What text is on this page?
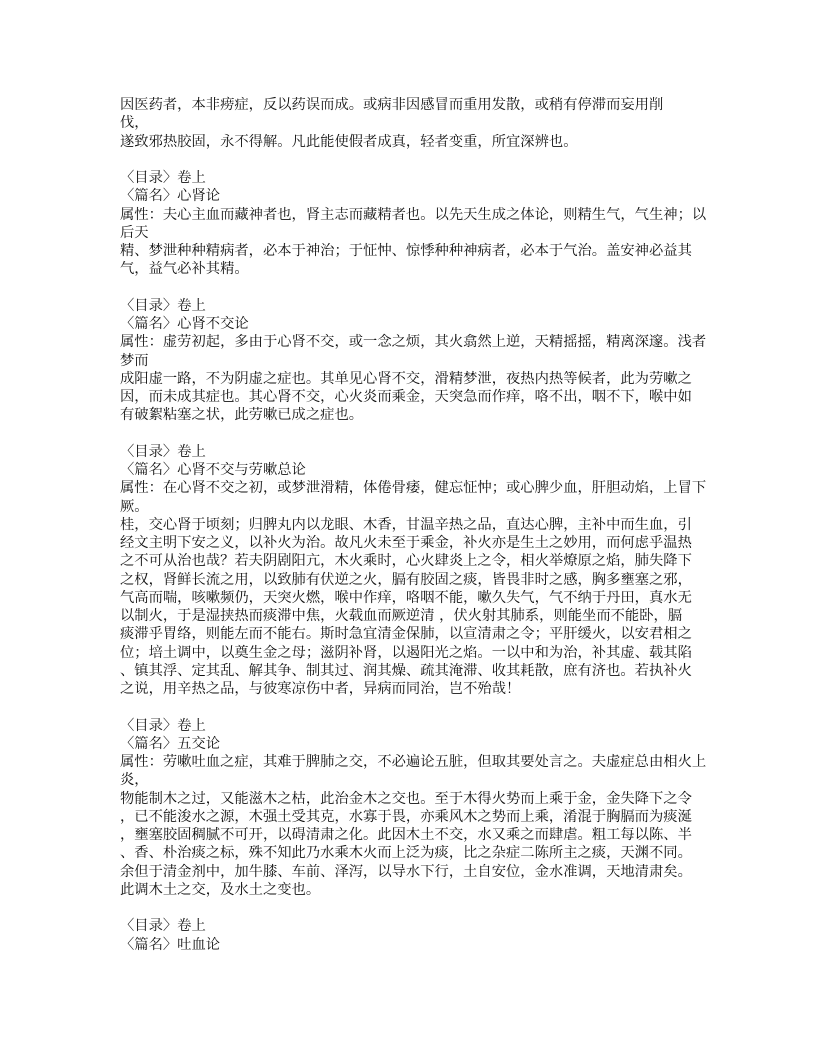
因医药者，本非痨症，反以药误而成。或病非因感冒而重用发散，或稍有停滞而妄用削
伐，
遂致邪热胶固，永不得解。凡此能使假者成真，轻者变重，所宜深辨也。
〈目录〉卷上
〈篇名〉心肾论
属性：夫心主血而藏神者也，肾主志而藏精者也。以先天生成之体论，则精生气，气生神；以
后天
精、梦泄种种精病者，必本于神治；于怔忡、惊悸种种神病者，必本于气治。盖安神必益其
气，益气必补其精。
〈目录〉卷上
〈篇名〉心肾不交论
属性：虚劳初起，多由于心肾不交，或一念之烦，其火翕然上逆，天精摇摇，精离深邃。浅者
梦而
成阳虚一路，不为阴虚之症也。其单见心肾不交，滑精梦泄，夜热内热等候者，此为劳嗽之
因，而未成其症也。其心肾不交，心火炎而乘金，天突急而作痒，咯不出，咽不下，喉中如
有破絮粘塞之状，此劳嗽已成之症也。
〈目录〉卷上
〈篇名〉心肾不交与劳嗽总论
属性：在心肾不交之初，或梦泄滑精，体倦骨痿，健忘怔忡；或心脾少血，肝胆动焰，上冒下
厥。
桂，交心肾于顷刻；归脾丸内以龙眼、木香，甘温辛热之品，直达心脾，主补中而生血，引
经文主明下安之义，以补火为治。故凡火未至于乘金，补火亦是生土之妙用，而何虑乎温热
之不可从治也哉？若夫阴剧阳亢，木火乘时，心火肆炎上之令，相火举燎原之焰，肺失降下
之权，肾鲜长流之用，以致肺有伏逆之火，膈有胶固之痰，皆畏非时之感，胸多壅塞之邪，
气高而喘，咳嗽频仍，天突火燃，喉中作痒，咯咽不能，嗽久失气，气不纳于丹田，真水无
以制火，于是湿挟热而痰滞中焦，火载血而厥逆清 ，伏火射其肺系，则能坐而不能卧，膈
痰滞乎胃络，则能左而不能右。斯时急宜清金保肺，以宣清肃之令；平肝缓火，以安君相之
位；培土调中，以奠生金之母；滋阴补肾，以遏阳光之焰。一以中和为治，补其虚、载其陷
、镇其浮、定其乱、解其争、制其过、润其燥、疏其淹滞、收其耗散，庶有济也。若执补火
之说，用辛热之品，与彼寒凉伤中者，异病而同治，岂不殆哉！
〈目录〉卷上
〈篇名〉五交论
属性：劳嗽吐血之症，其难于脾肺之交，不必遍论五脏，但取其要处言之。夫虚症总由相火上
炎，
物能制木之过，又能滋木之枯，此治金木之交也。至于木得火势而上乘于金，金失降下之令
，已不能浚水之源，木强土受其克，水寡于畏，亦乘风木之势而上乘，淆混于胸膈而为痰涎
，壅塞胶固稠腻不可开，以碍清肃之化。此因木土不交，水又乘之而肆虐。粗工每以陈、半
、香、朴治痰之标，殊不知此乃水乘木火而上泛为痰，比之杂症二陈所主之痰，天渊不同。
余但于清金剂中，加牛膝、车前、泽泻，以导水下行，土自安位，金水准调，天地清肃矣。
此调木土之交，及水土之变也。
〈目录〉卷上
〈篇名〉吐血论
